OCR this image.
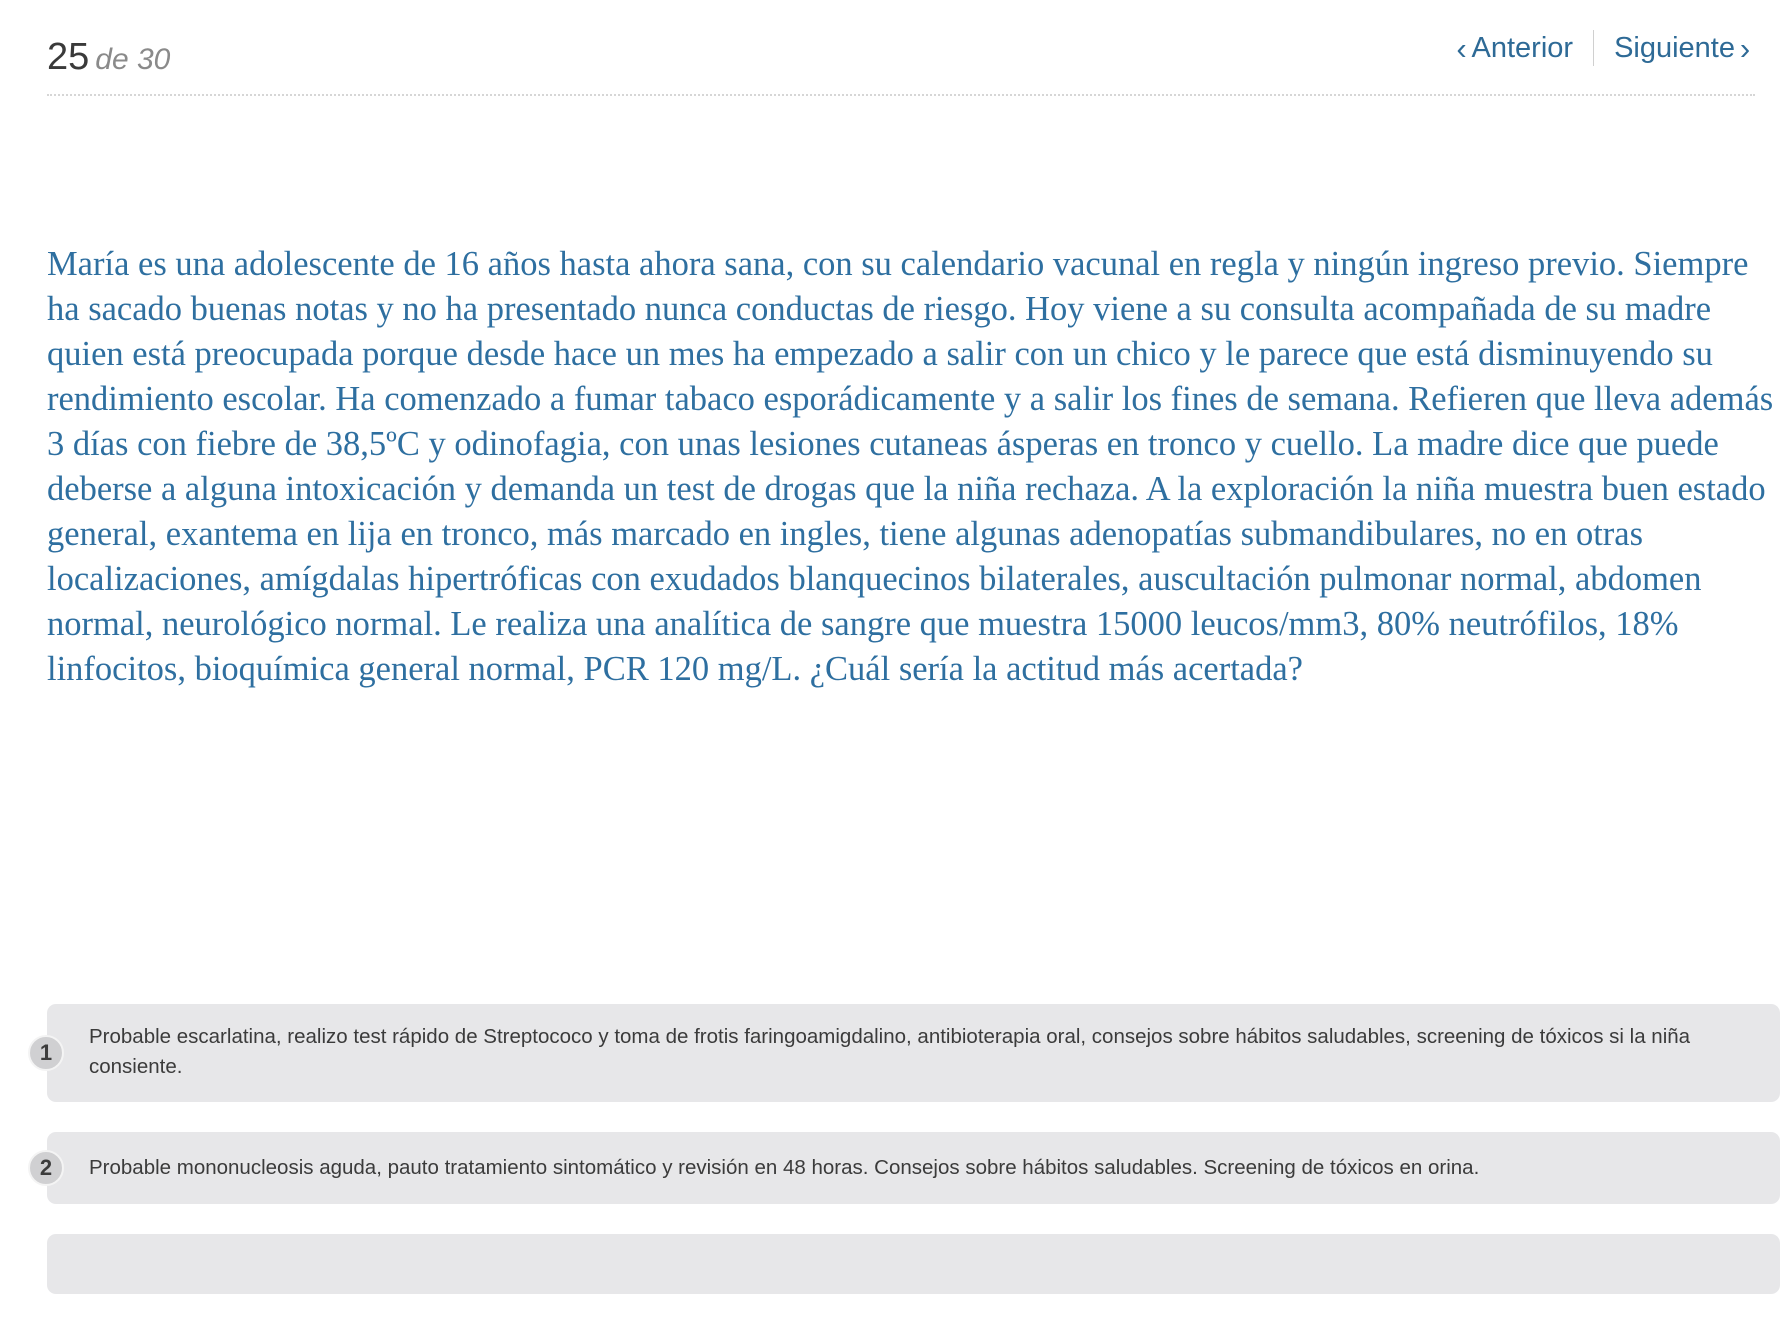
25 de 30	‹ Anterior Siguiente ›

María es una adolescente de 16 años hasta ahora sana, con su calendario vacunal en regla y ningún ingreso previo. Siempre ha sacado buenas notas y no ha presentado nunca conductas de riesgo. Hoy viene a su consulta acompañada de su madre quien está preocupada porque desde hace un mes ha empezado a salir con un chico y le parece que está disminuyendo su rendimiento escolar. Ha comenzado a fumar tabaco esporádicamente y a salir los fines de semana. Refieren que lleva además 3 días con fiebre de 38,5ºC y odinofagia, con unas lesiones cutaneas ásperas en tronco y cuello. La madre dice que puede deberse a alguna intoxicación y demanda un test de drogas que la niña rechaza. A la exploración la niña muestra buen estado general, exantema en lija en tronco, más marcado en ingles, tiene algunas adenopatías submandibulares, no en otras localizaciones, amígdalas hipertróficas con exudados blanquecinos bilaterales, auscultación pulmonar normal, abdomen normal, neurológico normal. Le realiza una analítica de sangre que muestra 15000 leucos/mm3, 80% neutrófilos, 18% linfocitos, bioquímica general normal, PCR 120 mg/L. ¿Cuál sería la actitud más acertada?

1
Probable escarlatina, realizo test rápido de Streptococo y toma de frotis faringoamigdalino, antibioterapia oral, consejos sobre hábitos saludables, screening de tóxicos si la niña consiente.
2	Probable mononucleosis aguda, pauto tratamiento sintomático y revisión en 48 horas. Consejos sobre hábitos saludables. Screening de tóxicos en orina.
